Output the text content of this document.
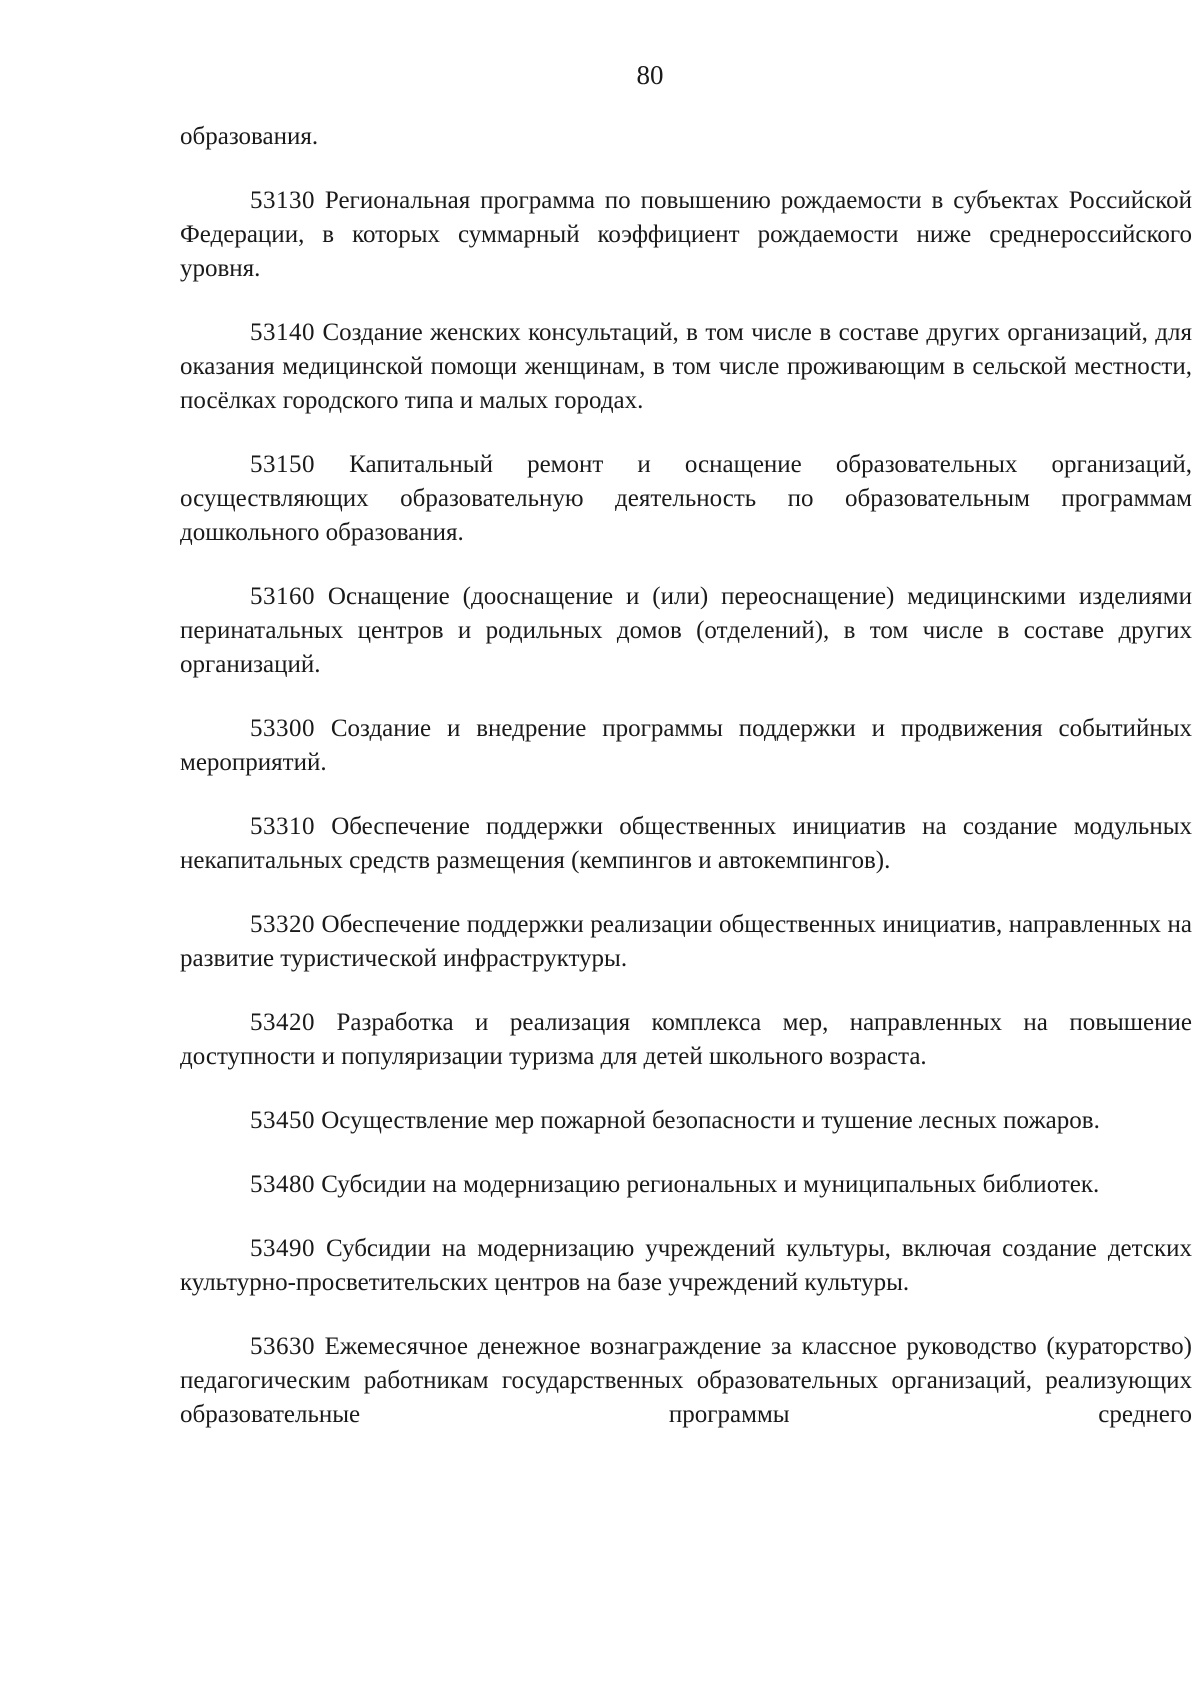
80

образования.

53130 Региональная программа по повышению рождаемости в субъектах Российской Федерации, в которых суммарный коэффициент рождаемости ниже среднероссийского уровня.

53140 Создание женских консультаций, в том числе в составе других организаций, для оказания медицинской помощи женщинам, в том числе проживающим в сельской местности, посёлках городского типа и малых городах.

53150 Капитальный ремонт и оснащение образовательных организаций, осуществляющих образовательную деятельность по образовательным программам дошкольного образования.

53160 Оснащение (дооснащение и (или) переоснащение) медицинскими изделиями перинатальных центров и родильных домов (отделений), в том числе в составе других организаций.

53300 Создание и внедрение программы поддержки и продвижения событийных мероприятий.

53310 Обеспечение поддержки общественных инициатив на создание модульных некапитальных средств размещения (кемпингов и автокемпингов).

53320 Обеспечение поддержки реализации общественных инициатив, направленных на развитие туристической инфраструктуры.

53420 Разработка и реализация комплекса мер, направленных на повышение доступности и популяризации туризма для детей школьного возраста.

53450 Осуществление мер пожарной безопасности и тушение лесных пожаров.

53480 Субсидии на модернизацию региональных и муниципальных библиотек.

53490 Субсидии на модернизацию учреждений культуры, включая создание детских культурно-просветительских центров на базе учреждений культуры.

53630 Ежемесячное денежное вознаграждение за классное руководство (кураторство) педагогическим работникам государственных образовательных организаций, реализующих образовательные программы среднего
